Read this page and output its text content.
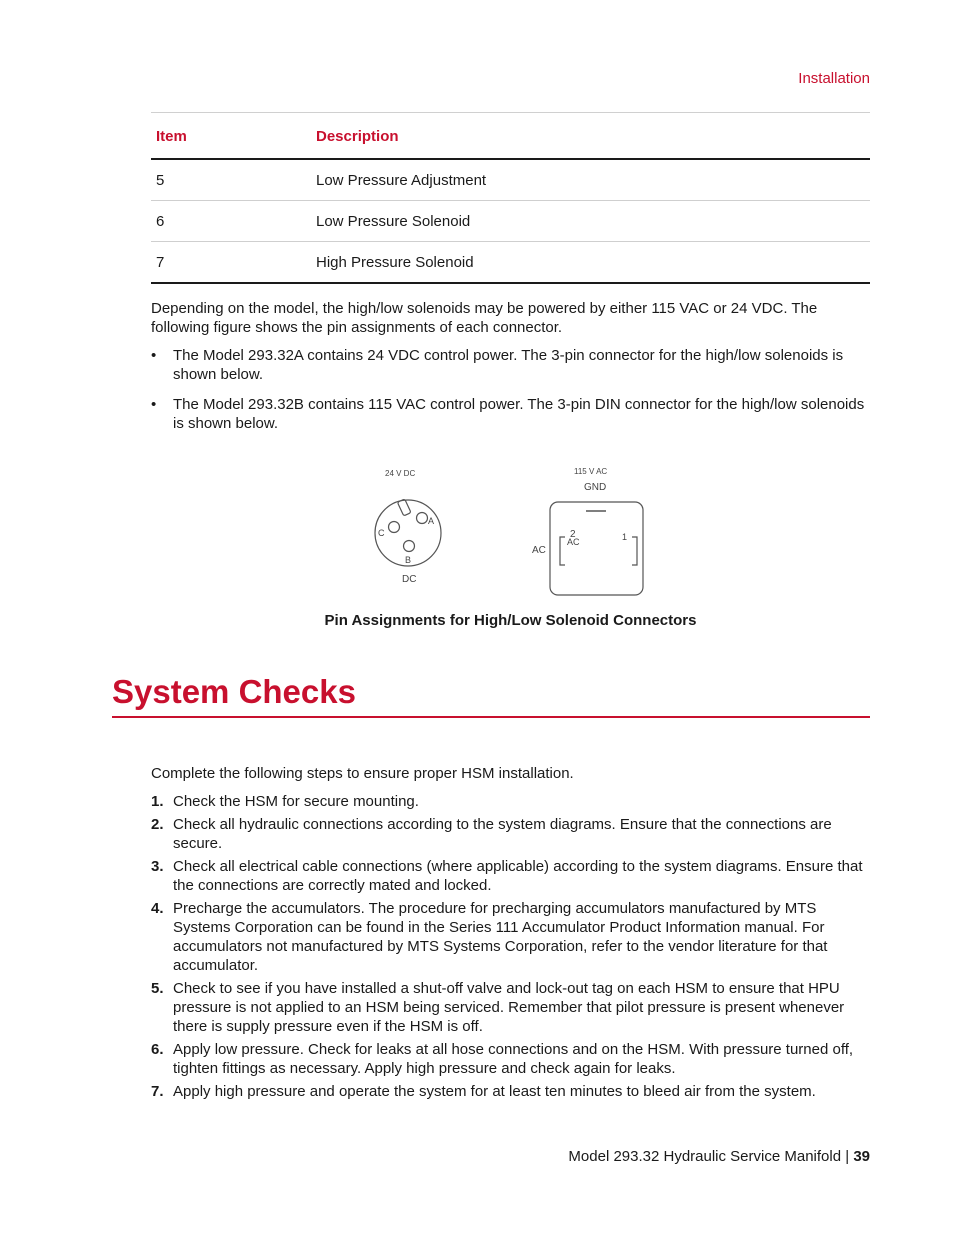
Installation
Item	Description
5	Low Pressure Adjustment
6	Low Pressure Solenoid
7	High Pressure Solenoid

Depending on the model, the high/low solenoids may be powered by either 115 VAC or 24 VDC. The following figure shows the pin assignments of each connector.

• The Model 293.32A contains 24 VDC control power. The 3-pin connector for the high/low solenoids is shown below.
• The Model 293.32B contains 115 VAC control power. The 3-pin DIN connector for the high/low solenoids is shown below.
24 V DC
C
A
B
DC
115 V AC
GND
2
AC	1
AC
Pin Assignments for High/Low Solenoid Connectors
System Checks

Complete the following steps to ensure proper HSM installation.

1. Check the HSM for secure mounting.
2. Check all hydraulic connections according to the system diagrams. Ensure that the connections are secure.
3. Check all electrical cable connections (where applicable) according to the system diagrams. Ensure that the connections are correctly mated and locked.
4. Precharge the accumulators. The procedure for precharging accumulators manufactured by MTS Systems Corporation can be found in the Series 111 Accumulator Product Information manual. For accumulators not manufactured by MTS Systems Corporation, refer to the vendor literature for that accumulator.
5. Check to see if you have installed a shut-off valve and lock-out tag on each HSM to ensure that HPU pressure is not applied to an HSM being serviced. Remember that pilot pressure is present whenever there is supply pressure even if the HSM is off.
6. Apply low pressure. Check for leaks at all hose connections and on the HSM. With pressure turned off, tighten fittings as necessary. Apply high pressure and check again for leaks.
7. Apply high pressure and operate the system for at least ten minutes to bleed air from the system.
Model 293.32 Hydraulic Service Manifold | 39
